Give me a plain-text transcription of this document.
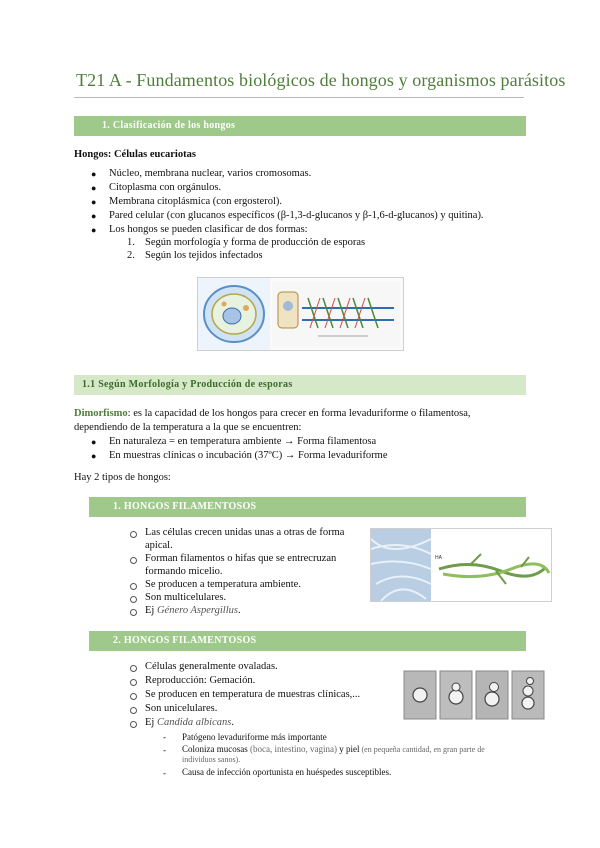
T21 A - Fundamentos biológicos de hongos y organismos parásitos
1. Clasificación de los hongos
Hongos: Células eucariotas
● Núcleo, membrana nuclear, varios cromosomas.
● Citoplasma con orgánulos.
● Membrana citoplásmica (con ergosterol).
● Pared celular (con glucanos específicos (β-1,3-d-glucanos y β-1,6-d-glucanos) y quitina).
● Los hongos se pueden clasificar de dos formas:
1. Según morfología y forma de producción de esporas
2. Según los tejidos infectados
1.1 Según Morfología y Producción de esporas
Dimorfismo: es la capacidad de los hongos para crecer en forma levaduriforme o filamentosa,
dependiendo de la temperatura a la que se encuentren:
● En naturaleza = en temperatura ambiente → Forma filamentosa
● En muestras clínicas o incubación (37ºC) → Forma levaduriforme
Hay 2 tipos de hongos:
1. HONGOS FILAMENTOSOS
Las células crecen unidas unas a otras de forma
apical.
Forman filamentos o hifas que se entrecruzan
formando micelio.
Se producen a temperatura ambiente.
Son multicelulares.
Ej Género Aspergillus.
HA
2. HONGOS FILAMENTOSOS
Células generalmente ovaladas.
Reproducción: Gemación.
Se producen en temperatura de muestras clínicas,...
Son unicelulares.
Ej Candida albicans.
- Patógeno levaduriforme más importante
- Coloniza mucosas (boca, intestino, vagina) y piel (en pequeña cantidad, en gran parte de
individuos sanos).
- Causa de infección oportunista en huéspedes susceptibles.
